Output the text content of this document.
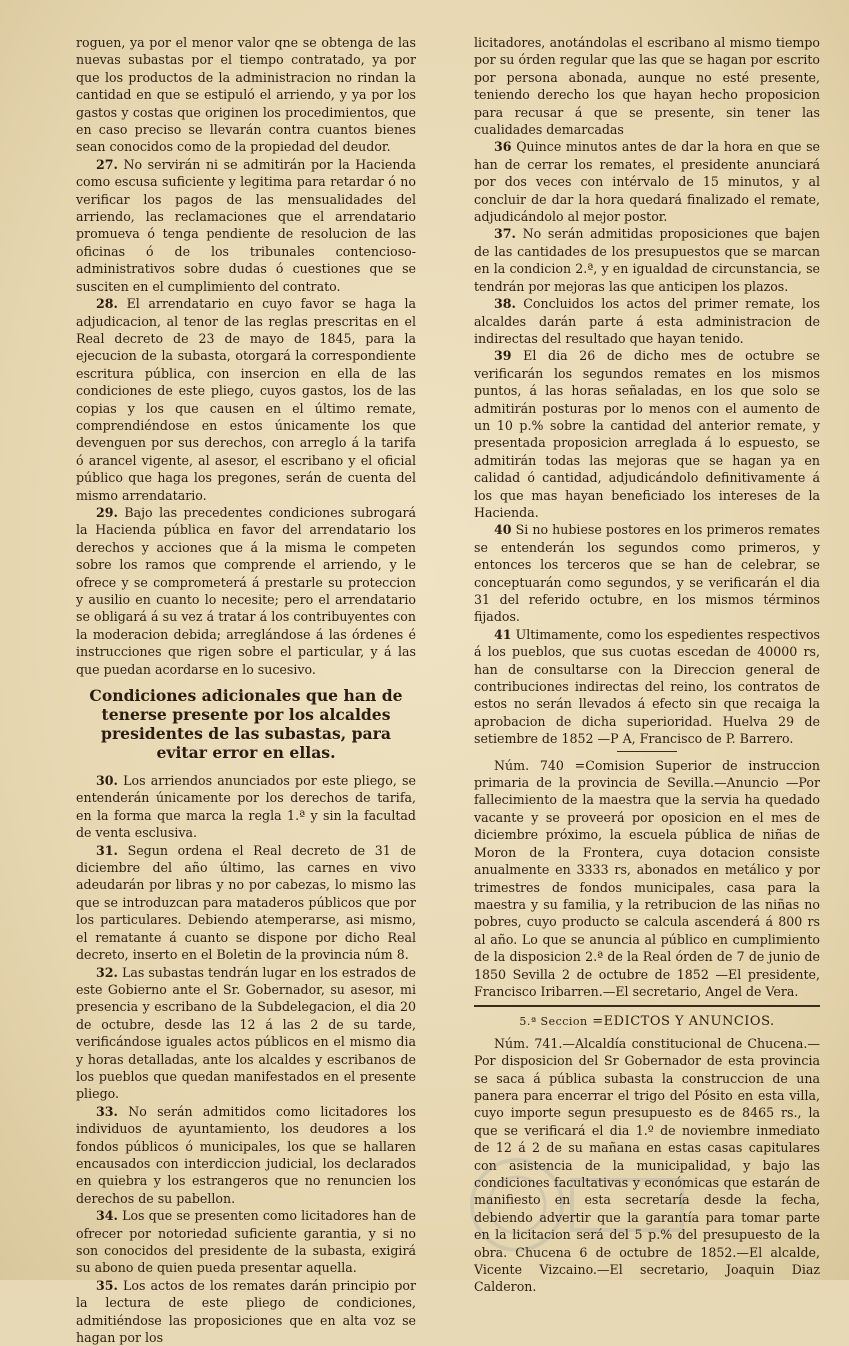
roguen, ya por el menor valor qne se obtenga de las nuevas subastas por el tiempo contratado, ya por que los productos de la administracion no rindan la cantidad en que se estipuló el arriendo, y ya por los gastos y costas que originen los procedimientos, que en caso preciso se llevarán contra cuantos bienes sean conocidos como de la propiedad del deudor.

27. No servirán ni se admitirán por la Hacienda como escusa suficiente y legitima para retardar ó no verificar los pagos de las mensualidades del arriendo, las reclamaciones que el arrendatario promueva ó tenga pendiente de resolucion de las oficinas ó de los tribunales contencioso-administrativos sobre dudas ó cuestiones que se susciten en el cumplimiento del contrato.

28. El arrendatario en cuyo favor se haga la adjudicacion, al tenor de las reglas prescritas en el Real decreto de 23 de mayo de 1845, para la ejecucion de la subasta, otorgará la correspondiente escritura pública, con insercion en ella de las condiciones de este pliego, cuyos gastos, los de las copias y los que causen en el último remate, comprendiéndose en estos únicamente los que devenguen por sus derechos, con arreglo á la tarifa ó arancel vigente, al asesor, el escribano y el oficial público que haga los pregones, serán de cuenta del mismo arrendatario.

29. Bajo las precedentes condiciones subrogará la Hacienda pública en favor del arrendatario los derechos y acciones que á la misma le competen sobre los ramos que comprende el arriendo, y le ofrece y se comprometerá á prestarle su proteccion y ausilio en cuanto lo necesite; pero el arrendatario se obligará á su vez á tratar á los contribuyentes con la moderacion debida; arreglándose á las órdenes é instrucciones que rigen sobre el particular, y á las que puedan acordarse en lo sucesivo.

Condiciones adicionales que han de tenerse presente por los alcaldes presidentes de las subastas, para evitar error en ellas.

30. Los arriendos anunciados por este pliego, se entenderán únicamente por los derechos de tarifa, en la forma que marca la regla 1.ª y sin la facultad de venta esclusiva.

31. Segun ordena el Real decreto de 31 de diciembre del año último, las carnes en vivo adeudarán por libras y no por cabezas, lo mismo las que se introduzcan para mataderos públicos que por los particulares. Debiendo atemperarse, asi mismo, el rematante á cuanto se dispone por dicho Real decreto, inserto en el Boletin de la provincia núm 8.

32. Las subastas tendrán lugar en los estrados de este Gobierno ante el Sr. Gobernador, su asesor, mi presencia y escribano de la Subdelegacion, el dia 20 de octubre, desde las 12 á las 2 de su tarde, verificándose iguales actos públicos en el mismo dia y horas detalladas, ante los alcaldes y escribanos de los pueblos que quedan manifestados en el presente pliego.

33. No serán admitidos como licitadores los individuos de ayuntamiento, los deudores a los fondos públicos ó municipales, los que se hallaren encausados con interdiccion judicial, los declarados en quiebra y los estrangeros que no renuncien los derechos de su pabellon.

34. Los que se presenten como licitadores han de ofrecer por notoriedad suficiente garantia, y si no son conocidos del presidente de la subasta, exigirá su abono de quien pueda presentar aquella.

35. Los actos de los remates darán principio por la lectura de este pliego de condiciones, admitiéndose las proposiciones que en alta voz se hagan por los

licitadores, anotándolas el escribano al mismo tiempo por su órden regular que las que se hagan por escrito por persona abonada, aunque no esté presente, teniendo derecho los que hayan hecho proposicion para recusar á que se presente, sin tener las cualidades demarcadas

36 Quince minutos antes de dar la hora en que se han de cerrar los remates, el presidente anunciará por dos veces con intérvalo de 15 minutos, y al concluir de dar la hora quedará finalizado el remate, adjudicándolo al mejor postor.

37. No serán admitidas proposiciones que bajen de las cantidades de los presupuestos que se marcan en la condicion 2.ª, y en igualdad de circunstancia, se tendrán por mejoras las que anticipen los plazos.

38. Concluidos los actos del primer remate, los alcaldes darán parte á esta administracion de indirectas del resultado que hayan tenido.

39 El dia 26 de dicho mes de octubre se verificarán los segundos remates en los mismos puntos, á las horas señaladas, en los que solo se admitirán posturas por lo menos con el aumento de un 10 p.% sobre la cantidad del anterior remate, y presentada proposicion arreglada á lo espuesto, se admitirán todas las mejoras que se hagan ya en calidad ó cantidad, adjudicándolo definitivamente á los que mas hayan beneficiado los intereses de la Hacienda.

40 Si no hubiese postores en los primeros remates se entenderán los segundos como primeros, y entonces los terceros que se han de celebrar, se conceptuarán como segundos, y se verificarán el dia 31 del referido octubre, en los mismos términos fijados.

41 Ultimamente, como los espedientes respectivos á los pueblos, que sus cuotas escedan de 40000 rs, han de consultarse con la Direccion general de contribuciones indirectas del reino, los contratos de estos no serán llevados á efecto sin que recaiga la aprobacion de dicha superioridad. Huelva 29 de setiembre de 1852 —P A, Francisco de P. Barrero.

Núm. 740 =Comision Superior de instruccion primaria de la provincia de Sevilla.—Anuncio —Por fallecimiento de la maestra que la servia ha quedado vacante y se proveerá por oposicion en el mes de diciembre próximo, la escuela pública de niñas de Moron de la Frontera, cuya dotacion consiste anualmente en 3333 rs, abonados en metálico y por trimestres de fondos municipales, casa para la maestra y su familia, y la retribucion de las niñas no pobres, cuyo producto se calcula ascenderá á 800 rs al año. Lo que se anuncia al público en cumplimiento de la disposicion 2.ª de la Real órden de 7 de junio de 1850 Sevilla 2 de octubre de 1852 —El presidente, Francisco Iribarren.—El secretario, Angel de Vera.

5.ª Seccion =EDICTOS Y ANUNCIOS.

Núm. 741.—Alcaldía constitucional de Chucena.—Por disposicion del Sr Gobernador de esta provincia se saca á pública subasta la construccion de una panera para encerrar el trigo del Pósito en esta villa, cuyo importe segun presupuesto es de 8465 rs., la que se verificará el dia 1.º de noviembre inmediato de 12 á 2 de su mañana en estas casas capitulares con asistencia de la municipalidad, y bajo las condiciones facultativas y económicas que estarán de manifiesto en esta secretaría desde la fecha, debiendo advertir que la garantía para tomar parte en la licitacion será del 5 p.% del presupuesto de la obra. Chucena 6 de octubre de 1852.—El alcalde, Vicente Vizcaino.—El secretario, Joaquin Diaz Calderon.
